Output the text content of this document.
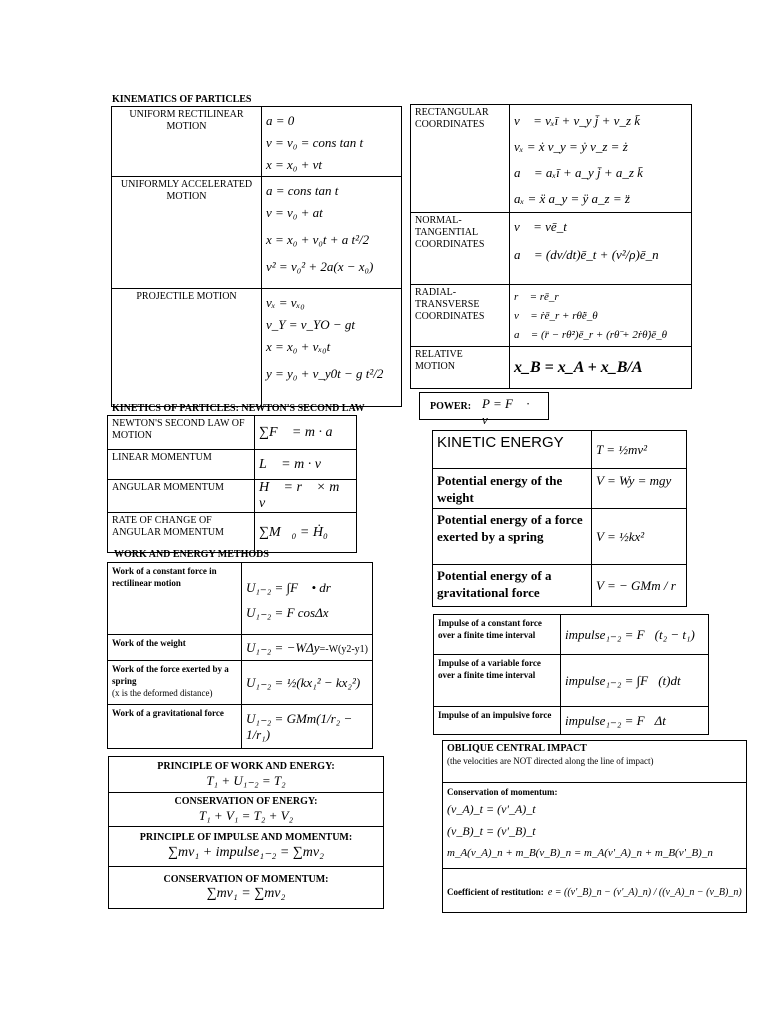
KINEMATICS OF PARTICLES
UNIFORM RECTILINEAR MOTION	a = 0
v = v₀ = cons tan t
x = x₀ + vt

UNIFORMLY ACCELERATED MOTION	a = cons tan t
v = v₀ + at
x = x₀ + v₀t + a t²/2
v² = v₀² + 2a(x − x₀)

PROJECTILE MOTION	vₓ = vₓ₀
v_Y = v_YO − gt
x = x₀ + vₓ₀t
y = y₀ + v_y0t − g t²/2
RECTANGULAR COORDINATES	v⃗ = vₓī + v_y j̄ + v_z k̄
vₓ = ẋ v_y = ẏ v_z = ż
a⃗ = aₓī + a_y j̄ + a_z k̄
aₓ = ẍ a_y = ÿ a_z = z̈

NORMAL-TANGENTIAL COORDINATES	v⃗ = vē_t
a⃗ = (dv/dt)ē_t + (v²/ρ)ē_n

RADIAL-TRANSVERSE COORDINATES	r⃗ = rē_r
v⃗ = ṙē_r + rθ̇ē_θ
a⃗ = (r̈ − rθ̇²)ē_r + (rθ̈ + 2ṙθ̇)ē_θ

RELATIVE MOTION	x_B = x_A + x_B/A
KINETICS OF PARTICLES: NEWTON'S SECOND LAW
NEWTON'S SECOND LAW OF MOTION	∑F⃗ = m · a⃗
LINEAR MOMENTUM	L⃗ = m · v⃗
ANGULAR MOMENTUM	H⃗ = r⃗ × m v⃗
RATE OF CHANGE OF ANGULAR MOMENTUM	∑M⃗₀ = Ḣ₀
POWER: P = F⃗ · v⃗
KINETIC ENERGY	T = ½mv²
Potential energy of the weight	V = Wy = mgy
Potential energy of a force exerted by a spring	V = ½kx²
Potential energy of a gravitational force	V = − GMm / r
WORK AND ENERGY METHODS
Work of a constant force in rectilinear motion	U₁₋₂ = ∫F⃗ • dr⃗
U₁₋₂ = F cosΔx

Work of the weight	U₁₋₂ = −WΔy=-W(y2-y1)

Work of the force exerted by a spring
(x is the deformed distance)	U₁₋₂ = ½(kx₁² − kx₂²)
Work of a gravitational force	U₁₋₂ = GMm(1/r₂ − 1/r₁)
Impulse of a constant force over a finite time interval	impulse₁₋₂ = F⃗(t₂ − t₁)
Impulse of a variable force over a finite time interval	impulse₁₋₂ = ∫F⃗(t)dt
Impulse of an impulsive force	impulse₁₋₂ = F⃗Δt
PRINCIPLE OF WORK AND ENERGY:
T₁ + U₁₋₂ = T₂

CONSERVATION OF ENERGY:
T₁ + V₁ = T₂ + V₂

PRINCIPLE OF IMPULSE AND MOMENTUM:
∑mv₁ + impulse₁₋₂ = ∑mv₂

CONSERVATION OF MOMENTUM:
∑mv₁ = ∑mv₂
OBLIQUE CENTRAL IMPACT
(the velocities are NOT directed along the line of impact)

Conservation of momentum:
(v_A)_t = (v'_A)_t
(v_B)_t = (v'_B)_t
m_A(v_A)_n + m_B(v_B)_n = m_A(v'_A)_n + m_B(v'_B)_n

Coefficient of restitution: e = ((v'_B)_n − (v'_A)_n) / ((v_A)_n − (v_B)_n)
